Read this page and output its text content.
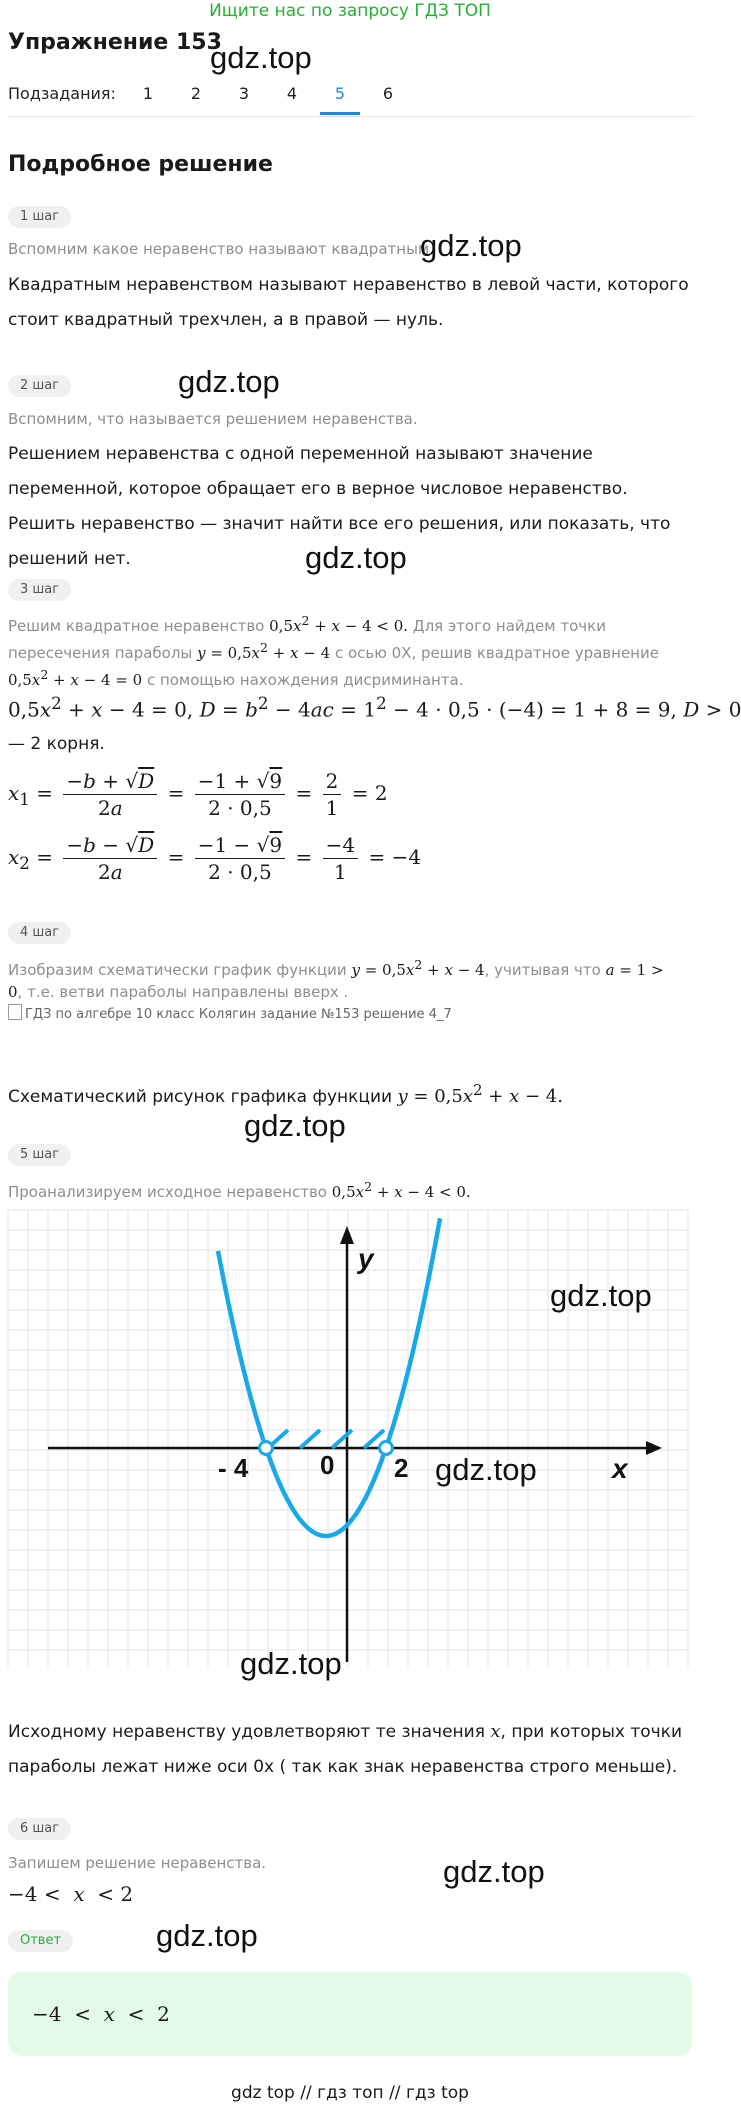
Ищите нас по запросу ГДЗ ТОП
Упражнение 153
gdz.top
Подзадания:	1	2	3	4	5	6
Подробное решение
1 шаг
Вспомним какое неравенство называют квадратным.
gdz.top
Квадратным неравенством называют неравенство в левой части, которого стоит квадратный трехчлен, а в правой — нуль.
2 шаг	gdz.top
Вспомним, что называется решением неравенства.
Решением неравенства с одной переменной называют значение переменной, которое обращает его в верное числовое неравенство. Решить неравенство — значит найти все его решения, или показать, что решений нет.	gdz.top
3 шаг
Решим квадратное неравенство $0,5x^2 + x - 4 < 0$. Для этого найдем точки
пересечения параболы $y = 0,5x^2 + x - 4$ с осью 0X, решив квадратное уравнение
$0,5x^2 + x - 4 = 0$ с помощью нахождения дисриминанта.
$0,5x^2 + x - 4 = 0$, $D = b^2 - 4ac = 1^2 - 4 \cdot 0,5 \cdot (-4) = 1 + 8 = 9$, D > 0
— 2 корня.
$x_1 = \frac{-b + √D}{2a} = \frac{-1 + √9}{2 \cdot 0,5} = \frac{2}{1} = 2$
$x_2 = \frac{-b - √D}{2a} = \frac{-1 - √9}{2 \cdot 0,5} = \frac{-4}{1} = -4$
4 шаг
Изобразим схематически график функции $y = 0,5x^2 + x - 4$, учитывая что a = 1 >
0, т.е. ветви параболы направлены вверх .
ГДЗ по алгебре 10 класс Колягин задание №153 решение 4_7
Схематический рисунок графика функции $y = 0,5x^2 + x - 4$.
gdz.top
5 шаг
Проанализируем исходное неравенство $0,5x^2 + x - 4 < 0$.
- 4	0 2	x
y
gdz.top
gdz.top
gdz.top
Исходному неравенству удовлетворяют те значения x, при которых точки
параболы лежат ниже оси 0x ( так как знак неравенства строго меньше).
6 шаг
gdz.top
Запишем решение неравенства.
−4 <  x  < 2
Ответ	gdz.top
−4  <  x  <  2
gdz top // гдз топ // гдз top
